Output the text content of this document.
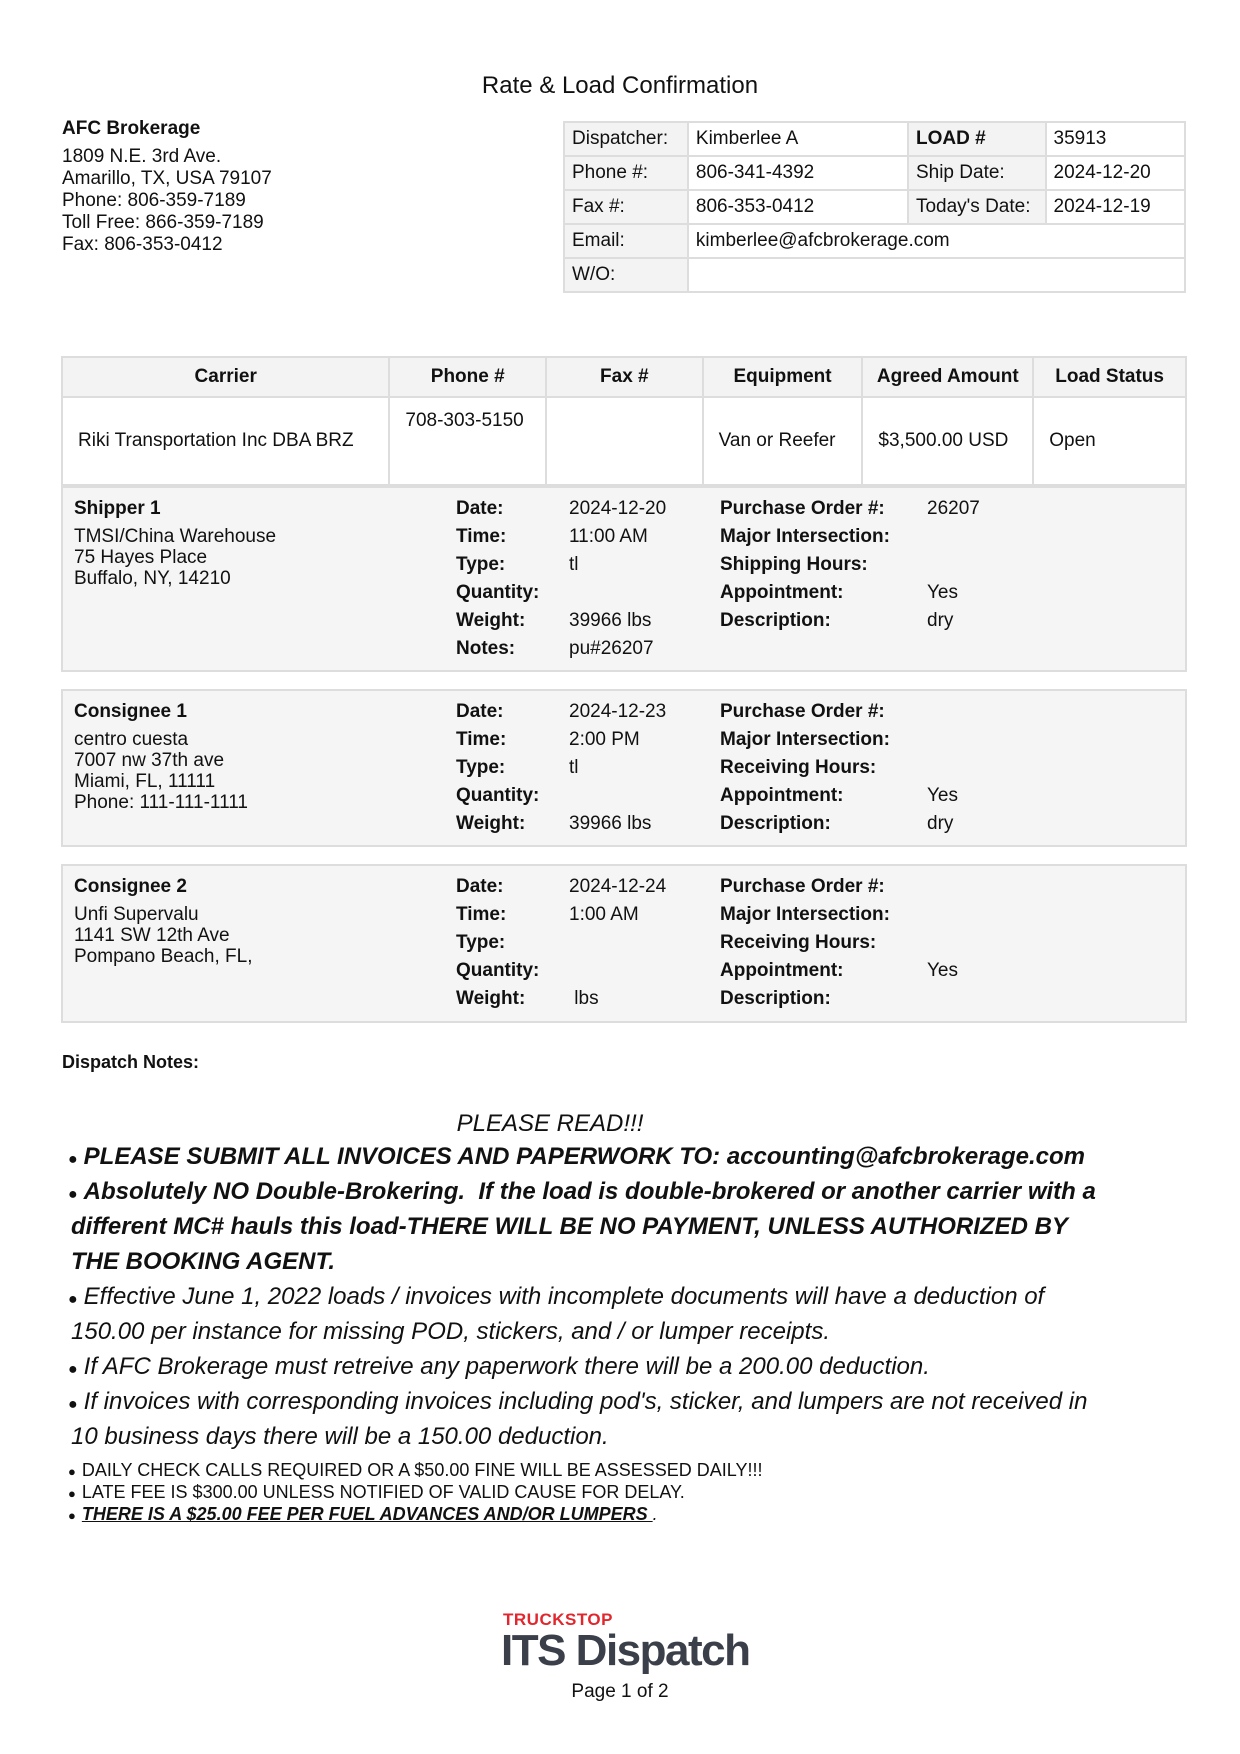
Rate & Load Confirmation
AFC Brokerage
1809 N.E. 3rd Ave.
Amarillo, TX, USA 79107
Phone: 806-359-7189
Toll Free: 866-359-7189
Fax: 806-353-0412
Dispatcher:	Kimberlee A	LOAD #	35913
Phone #:	806-341-4392	Ship Date:	2024-12-20
Fax #:	806-353-0412	Today's Date:	2024-12-19
Email:	kimberlee@afcbrokerage.com		
W/O:			
Carrier	Phone #	Fax #	Equipment	Agreed Amount	Load Status
Riki Transportation Inc DBA BRZ	708-303-5150		Van or Reefer	$3,500.00 USD	Open
Shipper 1
TMSI/China Warehouse
75 Hayes Place
Buffalo, NY, 14210
Date:	2024-12-20	Purchase Order #:	26207
Time:	11:00 AM	Major Intersection:
Type:	tl	Shipping Hours:
Quantity:	Appointment:	Yes
Weight:	39966 lbs	Description:	dry
Notes:	pu#26207
Consignee 1
centro cuesta
7007 nw 37th ave
Miami, FL, 11111
Phone: 111-111-1111
Date:	2024-12-23	Purchase Order #:
Time:	2:00 PM	Major Intersection:
Type:	tl	Receiving Hours:
Quantity:	Appointment:	Yes
Weight:	39966 lbs	Description:	dry
Consignee 2
Unfi Supervalu
1141 SW 12th Ave
Pompano Beach, FL,
Date:	2024-12-24	Purchase Order #:
Time:	1:00 AM	Major Intersection:
Type:	Receiving Hours:
Quantity:	Appointment:	Yes
Weight:	lbs	Description:
Dispatch Notes:
PLEASE READ!!!
● PLEASE SUBMIT ALL INVOICES AND PAPERWORK TO: accounting@afcbrokerage.com
● Absolutely NO Double-Brokering.  If the load is double-brokered or another carrier with a
different MC# hauls this load-THERE WILL BE NO PAYMENT, UNLESS AUTHORIZED BY
THE BOOKING AGENT.
● Effective June 1, 2022 loads / invoices with incomplete documents will have a deduction of
150.00 per instance for missing POD, stickers, and / or lumper receipts.
● If AFC Brokerage must retreive any paperwork there will be a 200.00 deduction.
● If invoices with corresponding invoices including pod's, sticker, and lumpers are not received in
10 business days there will be a 150.00 deduction.
● DAILY CHECK CALLS REQUIRED OR A $50.00 FINE WILL BE ASSESSED DAILY!!!
● LATE FEE IS $300.00 UNLESS NOTIFIED OF VALID CAUSE FOR DELAY.
● THERE IS A $25.00 FEE PER FUEL ADVANCES AND/OR LUMPERS .
TRUCKSTOP
ITS Dispatch
Page 1 of 2
